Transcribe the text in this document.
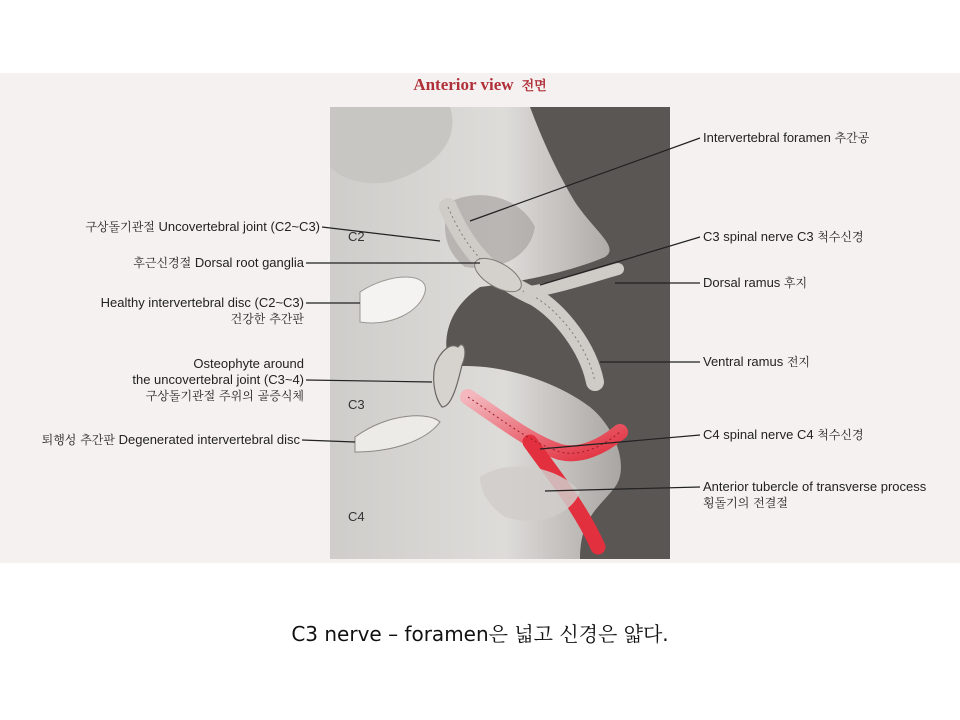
Anterior view 전면
C2
C3
C4
구상돌기관절 Uncovertebral joint (C2~C3)
후근신경절 Dorsal root ganglia
Healthy intervertebral disc (C2~C3)
건강한 추간판
Osteophyte around
the uncovertebral joint (C3~4)
구상돌기관절 주위의 골증식체
퇴행성 추간판 Degenerated intervertebral disc
Intervertebral foramen 추간공
C3 spinal nerve C3 척수신경
Dorsal ramus 후지
Ventral ramus 전지
C4 spinal nerve C4 척수신경
Anterior tubercle of transverse process
횡돌기의 전결절
C3 nerve – foramen은 넓고 신경은 얇다.
